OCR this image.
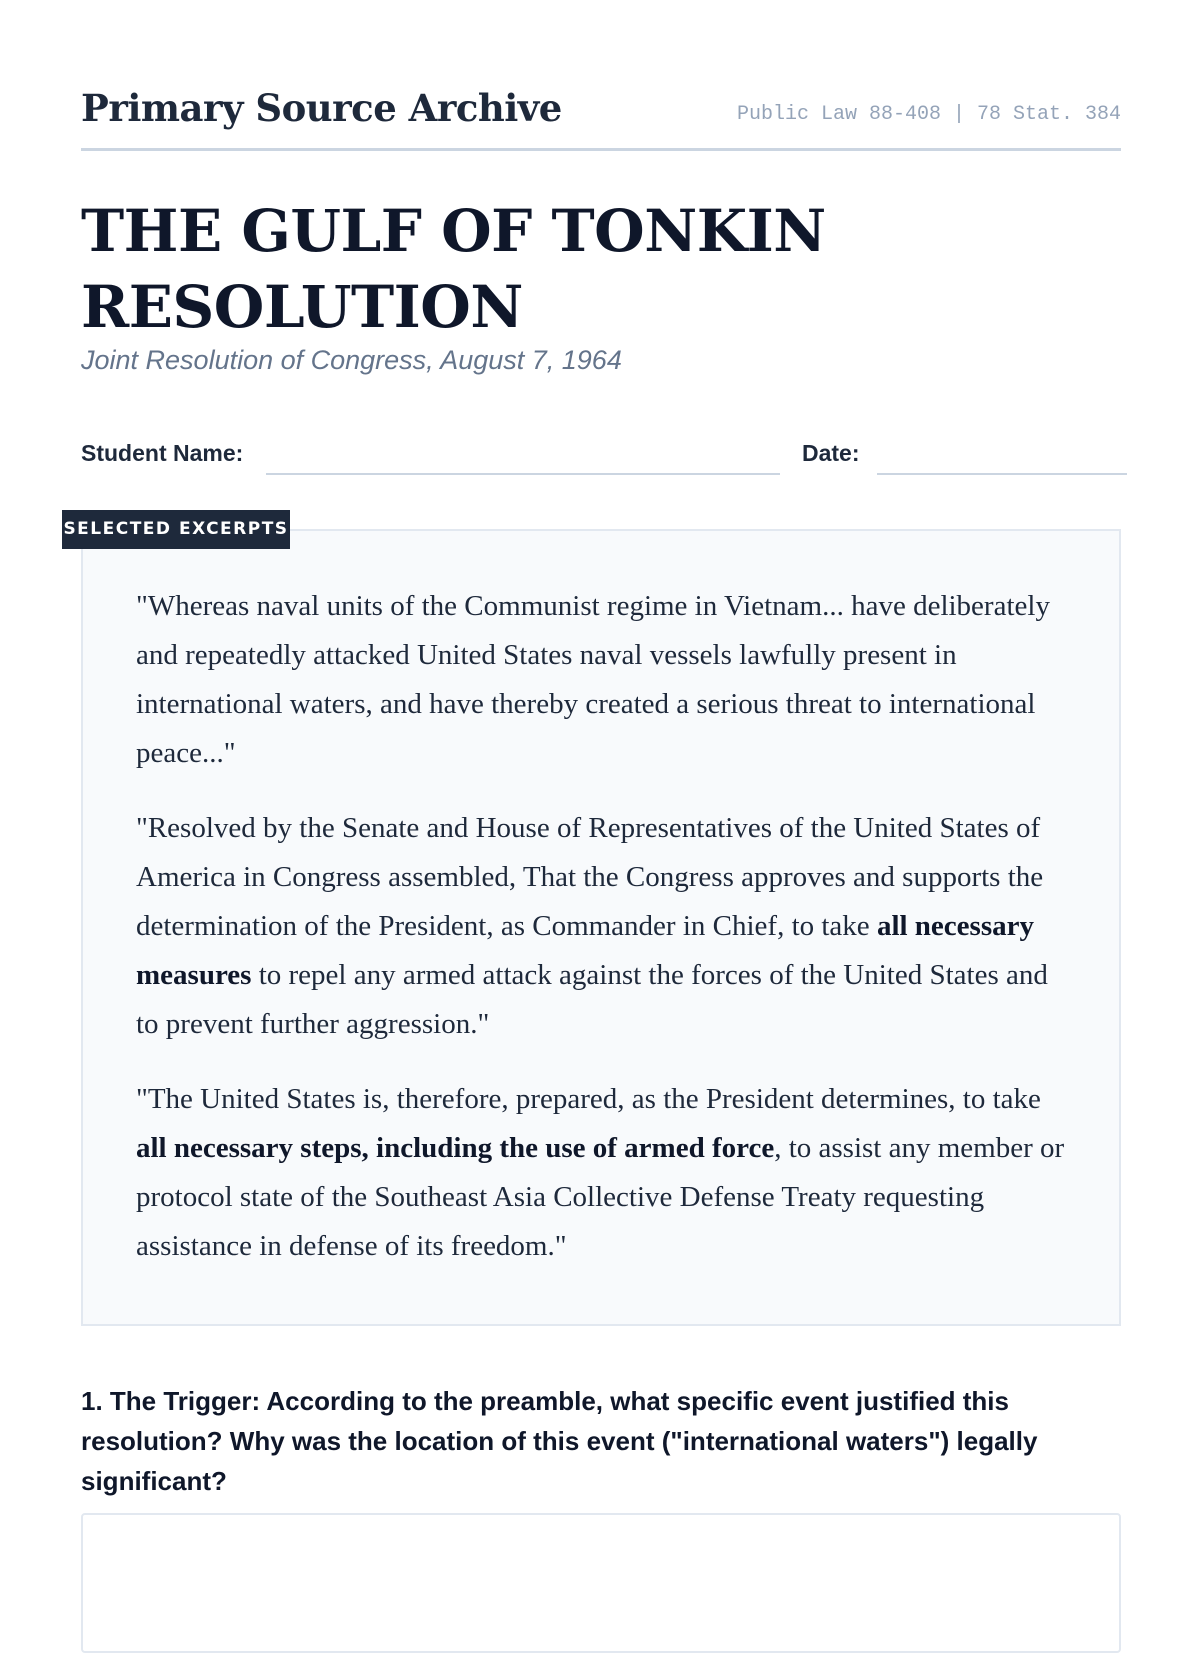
Primary Source Archive	Public Law 88-408 | 78 Stat. 384
THE GULF OF TONKIN RESOLUTION
Joint Resolution of Congress, August 7, 1964
Student Name:	Date:
SELECTED EXCERPTS

"Whereas naval units of the Communist regime in Vietnam... have deliberately and repeatedly attacked United States naval vessels lawfully present in international waters, and have thereby created a serious threat to international peace..."

"Resolved by the Senate and House of Representatives of the United States of America in Congress assembled, That the Congress approves and supports the determination of the President, as Commander in Chief, to take all necessary measures to repel any armed attack against the forces of the United States and to prevent further aggression."

"The United States is, therefore, prepared, as the President determines, to take all necessary steps, including the use of armed force, to assist any member or protocol state of the Southeast Asia Collective Defense Treaty requesting assistance in defense of its freedom."

1. The Trigger: According to the preamble, what specific event justified this resolution? Why was the location of this event ("international waters") legally significant?
